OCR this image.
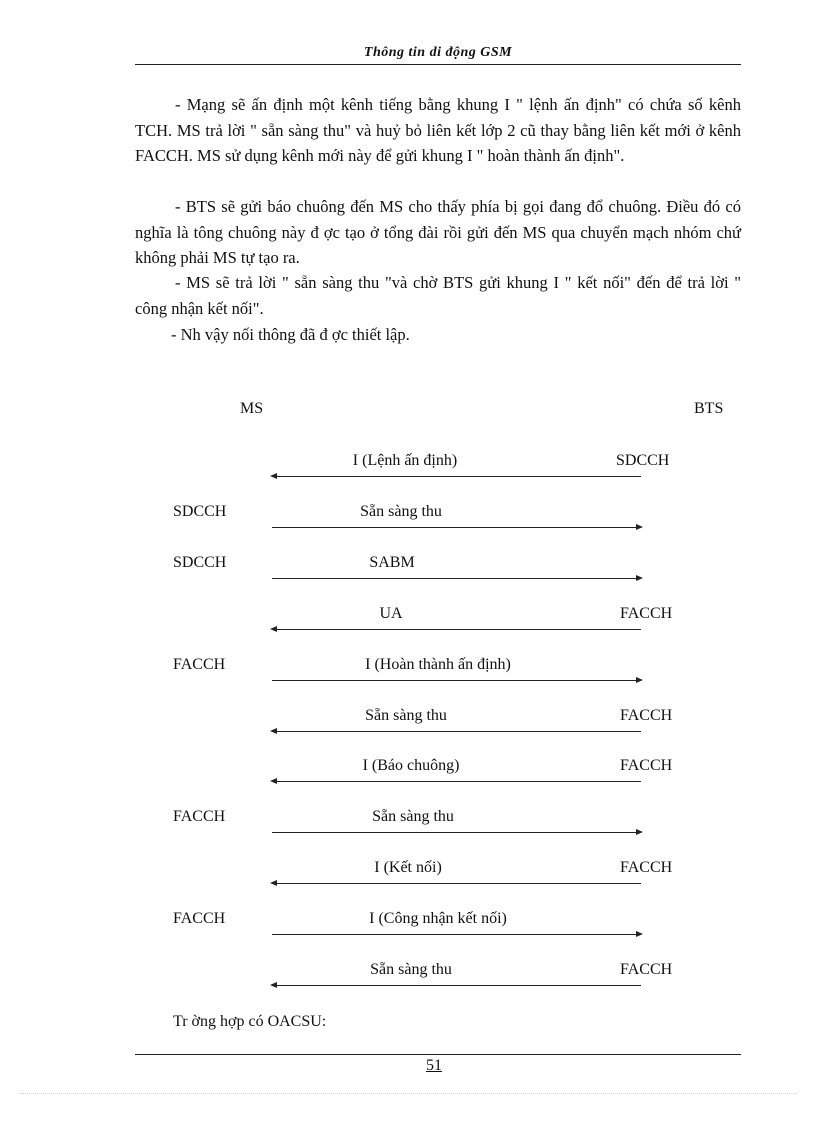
Thông tin di động GSM

- Mạng sẽ ấn định một kênh tiếng bằng khung I " lệnh ấn định" có chứa số kênh TCH. MS trả lời " sẵn sàng thu" và huỷ bỏ liên kết lớp 2 cũ thay bằng liên kết mới ở kênh FACCH. MS sử dụng kênh mới này để gửi khung I " hoàn thành ấn định".

- BTS sẽ gửi báo chuông đến MS cho thấy phía bị gọi đang đổ chuông. Điều đó có nghĩa là tông chuông này đ ợc tạo ở tổng đài rồi gửi đến MS qua chuyển mạch nhóm chứ không phải MS tự tạo ra.

- MS sẽ trả lời " sẵn sàng thu "và chờ BTS gửi khung I " kết nối" đến để trả lời " công nhận kết nối".

- Nh vậy nối thông đã đ ợc thiết lập.

MS	BTS
I (Lệnh ấn định)	SDCCH
Sẵn sàng thu
SDCCH
SABM
SDCCH
UA	FACCH
I (Hoàn thành ấn định)
FACCH
Sẵn sàng thu	FACCH
I (Báo chuông)	FACCH
Sẵn sàng thu
FACCH
I (Kết nối)	FACCH
I (Công nhận kết nối)
FACCH
Sẵn sàng thu	FACCH
Tr ờng hợp có OACSU:
51
